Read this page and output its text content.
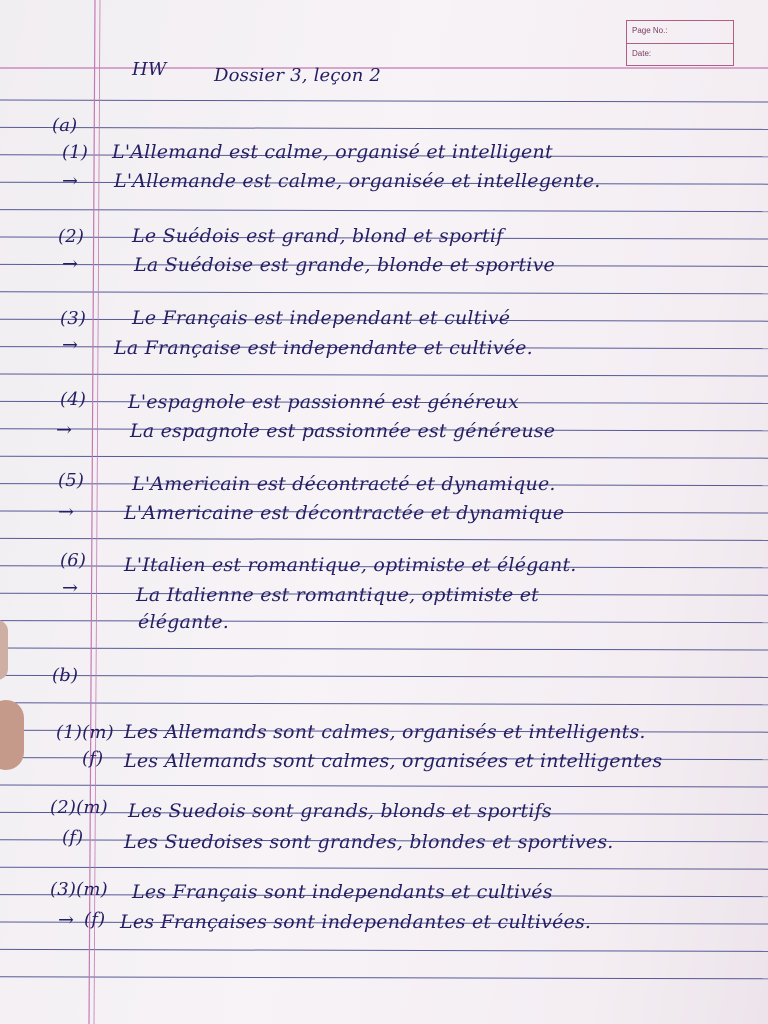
Page No.:
Date:
HW	Dossier 3, leçon 2
(a)
(1) L'Allemand est calme, organisé et intelligent
→ L'Allemande est calme, organisée et intellegente.
(2)	Le Suédois est grand, blond et sportif
→	La Suédoise est grande, blonde et sportive
(3) Le Français est independant et cultivé
→ La Française est independante et cultivée.
(4) L'espagnole est passionné est généreux
→	La espagnole est passionnée est généreuse
(5)	L'Americain est décontracté et dynamique.
→	L'Americaine est décontractée et dynamique
(6) L'Italien est romantique, optimiste et élégant.
→	La Italienne est romantique, optimiste et
élégante.
(b)
(1)(m) Les Allemands sont calmes, organisés et intelligents.
(f) Les Allemands sont calmes, organisées et intelligentes
(2)(m) Les Suedois sont grands, blonds et sportifs
(f) Les Suedoises sont grandes, blondes et sportives.
(3)(m) Les Français sont independants et cultivés
→ (f) Les Françaises sont independantes et cultivées.
